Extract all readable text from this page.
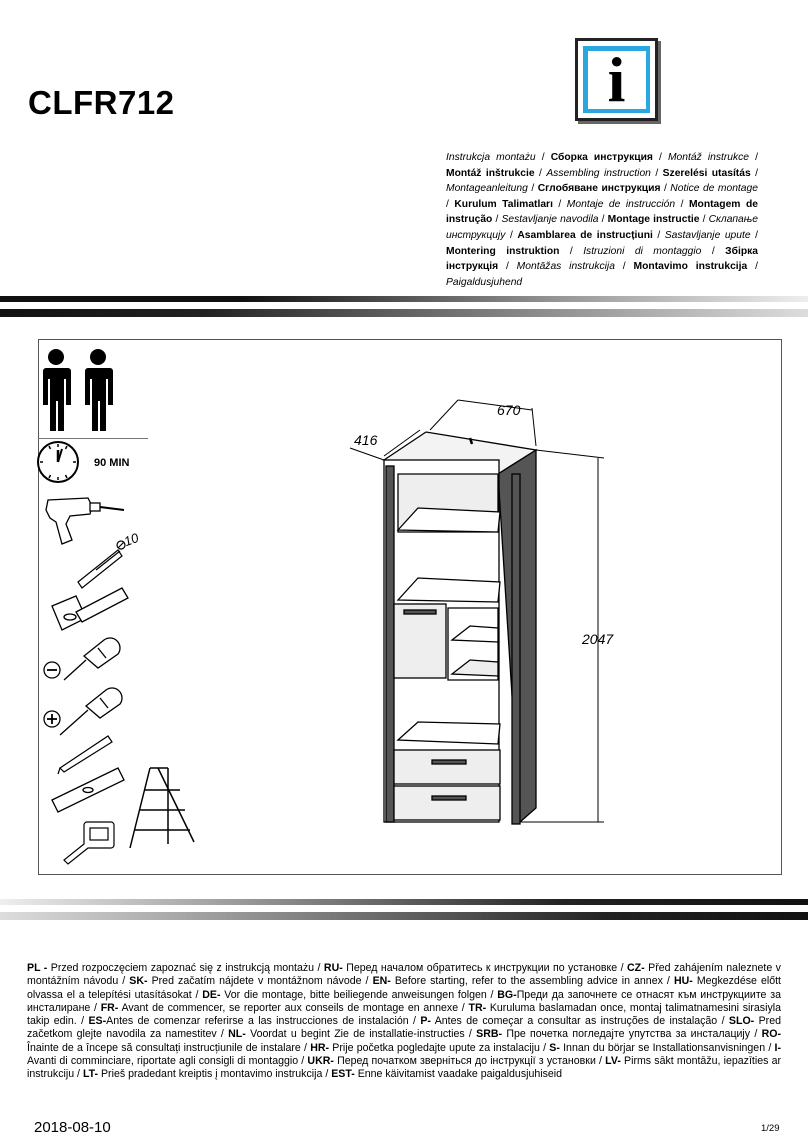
CLFR712	i
Instrukcja montażu / Сборка инструкция / Montáž instrukce / Montáž inštrukcie / Assembling instruction / Szerelési utasítás / Montageanleitung / Сглобяване инструкция / Notice de montage / Kurulum Talimatları / Montaje de instrucción / Montagem de instrução / Sestavljanje navodila / Montage instructie / Склапање инструкцију / Asamblarea de instrucțiuni / Sastavljanje upute / Montering instruktion / Istruzioni di montaggio / Збірка інструкція / Montāžas instrukcija / Montavimo instrukcija / Paigaldusjuhend
90 MIN
10
670
416
2047
PL - Przed rozpoczęciem zapoznać się z instrukcją montażu / RU- Перед началом обратитесь к инструкции по установке / CZ- Před zahájením naleznete v montážním návodu / SK- Pred začatím nájdete v montážnom návode / EN- Before starting, refer to the assembling advice in annex / HU- Megkezdése előtt olvassa el a telepítési utasításokat / DE- Vor die montage, bitte beiliegende anweisungen folgen / BG-Преди да започнете се отнасят към инструкциите за инсталиране / FR- Avant de commencer, se reporter aux conseils de montage en annexe / TR- Kuruluma baslamadan once, montaj talimatnamesini sirasiyla takip edin. / ES-Antes de comenzar referirse a las instrucciones de instalación / P- Antes de começar a consultar as instruções de instalação / SLO- Pred začetkom glejte navodila za namestitev / NL- Voordat u begint Zie de installatie-instructies / SRB- Пре почетка погледајте упутства за инсталацију / RO-Înainte de a începe să consultați instrucțiunile de instalare / HR- Prije početka pogledajte upute za instalaciju / S- Innan du börjar se Installationsanvisningen / I- Avanti di comminciare, riportate agli consigli di montaggio / UKR- Перед початком зверніться до інструкції з установки / LV- Pirms sākt montāžu, iepazīties ar instrukciju / LT- Prieš pradedant kreiptis į montavimo instrukcija / EST- Enne käivitamist vaadake paigaldusjuhiseid
2018-08-10	1/29
